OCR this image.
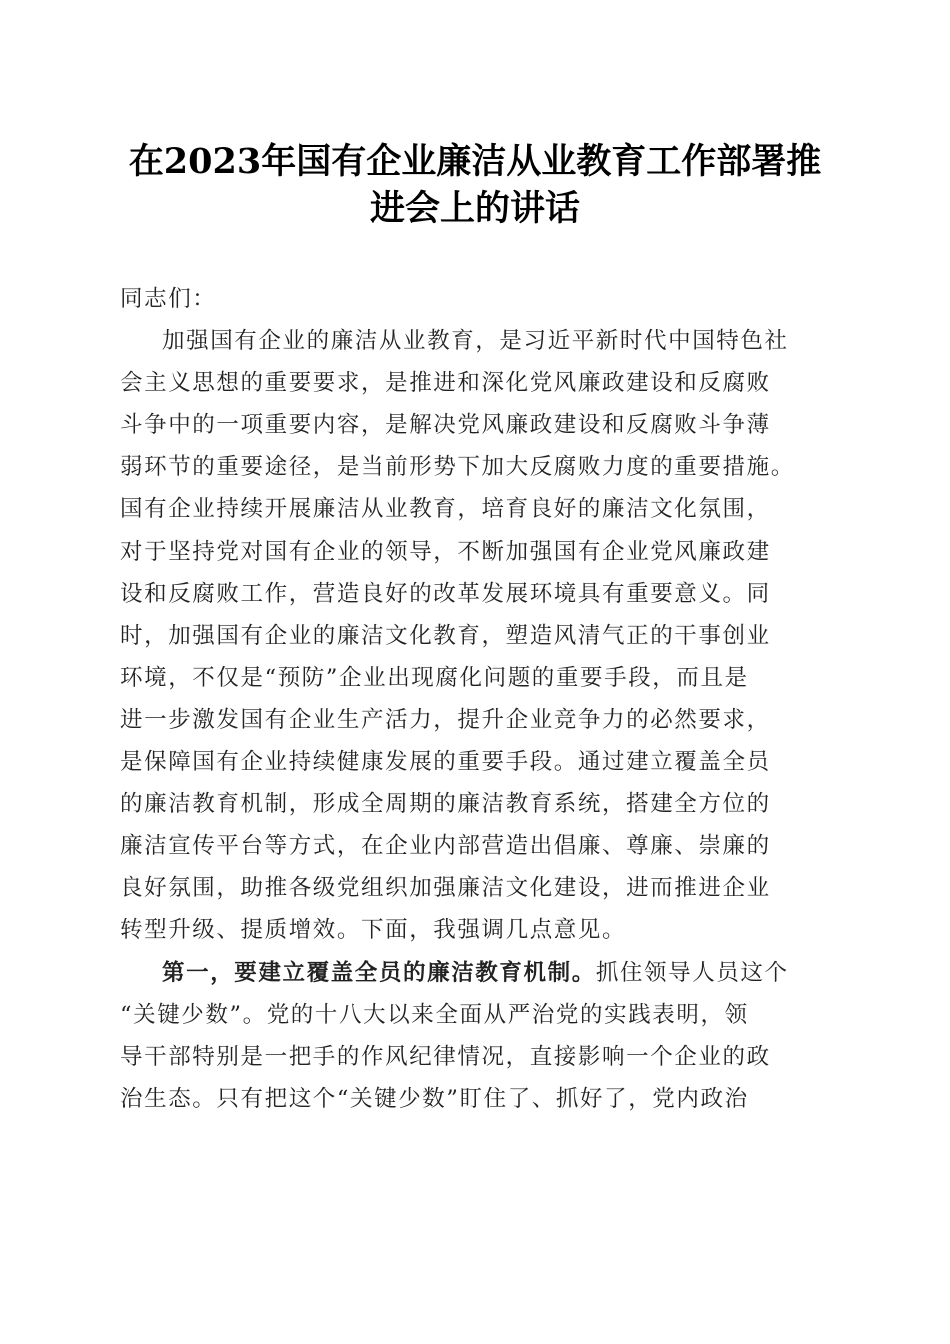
在2023年国有企业廉洁从业教育工作部署推
进会上的讲话
同志们：
加强国有企业的廉洁从业教育，是习近平新时代中国特色社
会主义思想的重要要求，是推进和深化党风廉政建设和反腐败
斗争中的一项重要内容，是解决党风廉政建设和反腐败斗争薄
弱环节的重要途径，是当前形势下加大反腐败力度的重要措施。
国有企业持续开展廉洁从业教育，培育良好的廉洁文化氛围，
对于坚持党对国有企业的领导，不断加强国有企业党风廉政建
设和反腐败工作，营造良好的改革发展环境具有重要意义。同
时，加强国有企业的廉洁文化教育，塑造风清气正的干事创业
环境，不仅是“预防”企业出现腐化问题的重要手段，而且是
进一步激发国有企业生产活力，提升企业竞争力的必然要求，
是保障国有企业持续健康发展的重要手段。通过建立覆盖全员
的廉洁教育机制，形成全周期的廉洁教育系统，搭建全方位的
廉洁宣传平台等方式，在企业内部营造出倡廉、尊廉、崇廉的
良好氛围，助推各级党组织加强廉洁文化建设，进而推进企业
转型升级、提质增效。下面，我强调几点意见。
第一，要建立覆盖全员的廉洁教育机制。抓住领导人员这个
“关键少数”。党的十八大以来全面从严治党的实践表明，领
导干部特别是一把手的作风纪律情况，直接影响一个企业的政
治生态。只有把这个“关键少数”盯住了、抓好了，党内政治
